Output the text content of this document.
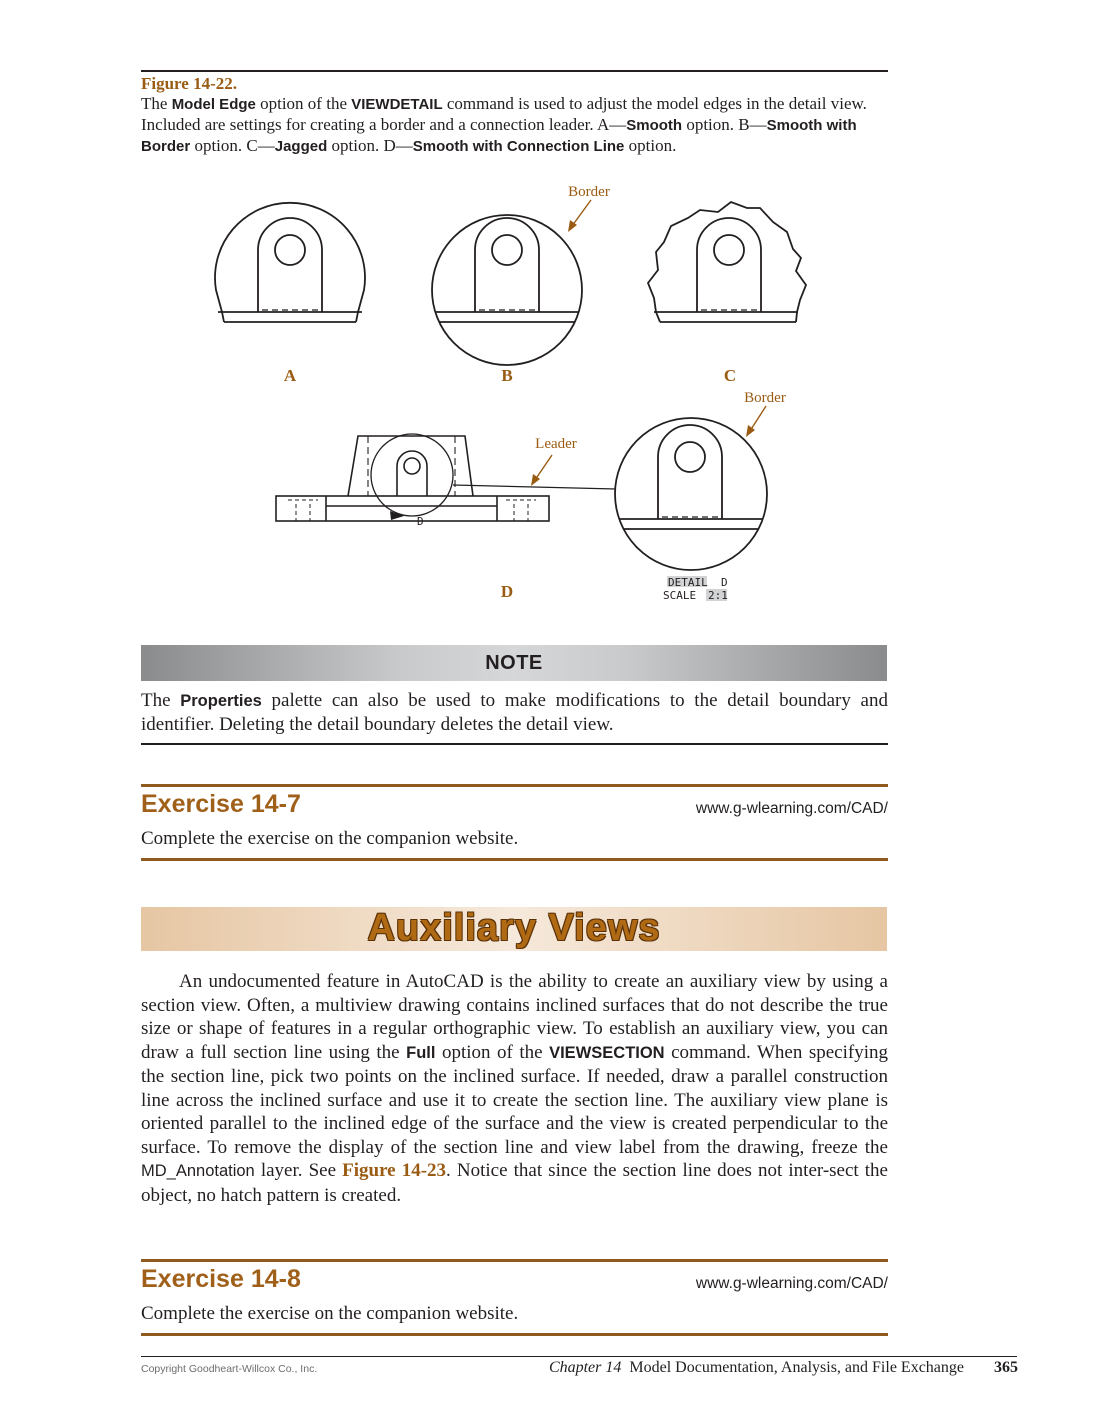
Figure 14-22.
The Model Edge option of the VIEWDETAIL command is used to adjust the model edges in the detail view. Included are settings for creating a border and a connection leader. A—Smooth option. B—Smooth with Border option. C—Jagged option. D—Smooth with Connection Line option.
A	B	C
Border
Border
Leader
D
D	DETAIL  D
SCALE 2:1
NOTE
The Properties palette can also be used to make modifications to the detail boundary and identifier. Deleting the detail boundary deletes the detail view.
Exercise 14-7	www.g-wlearning.com/CAD/
Complete the exercise on the companion website.
Auxiliary Views
An undocumented feature in AutoCAD is the ability to create an auxiliary view by using a section view. Often, a multiview drawing contains inclined surfaces that do not describe the true size or shape of features in a regular orthographic view. To establish an auxiliary view, you can draw a full section line using the Full option of the VIEWSECTION command. When specifying the section line, pick two points on the inclined surface. If needed, draw a parallel construction line across the inclined surface and use it to create the section line. The auxiliary view plane is oriented parallel to the inclined edge of the surface and the view is created perpendicular to the surface. To remove the display of the section line and view label from the drawing, freeze the MD_Annotation layer. See Figure 14-23. Notice that since the section line does not inter-sect the object, no hatch pattern is created.
Exercise 14-8	www.g-wlearning.com/CAD/
Complete the exercise on the companion website.
Copyright Goodheart-Willcox Co., Inc.	Chapter 14 Model Documentation, Analysis, and File Exchange 365
